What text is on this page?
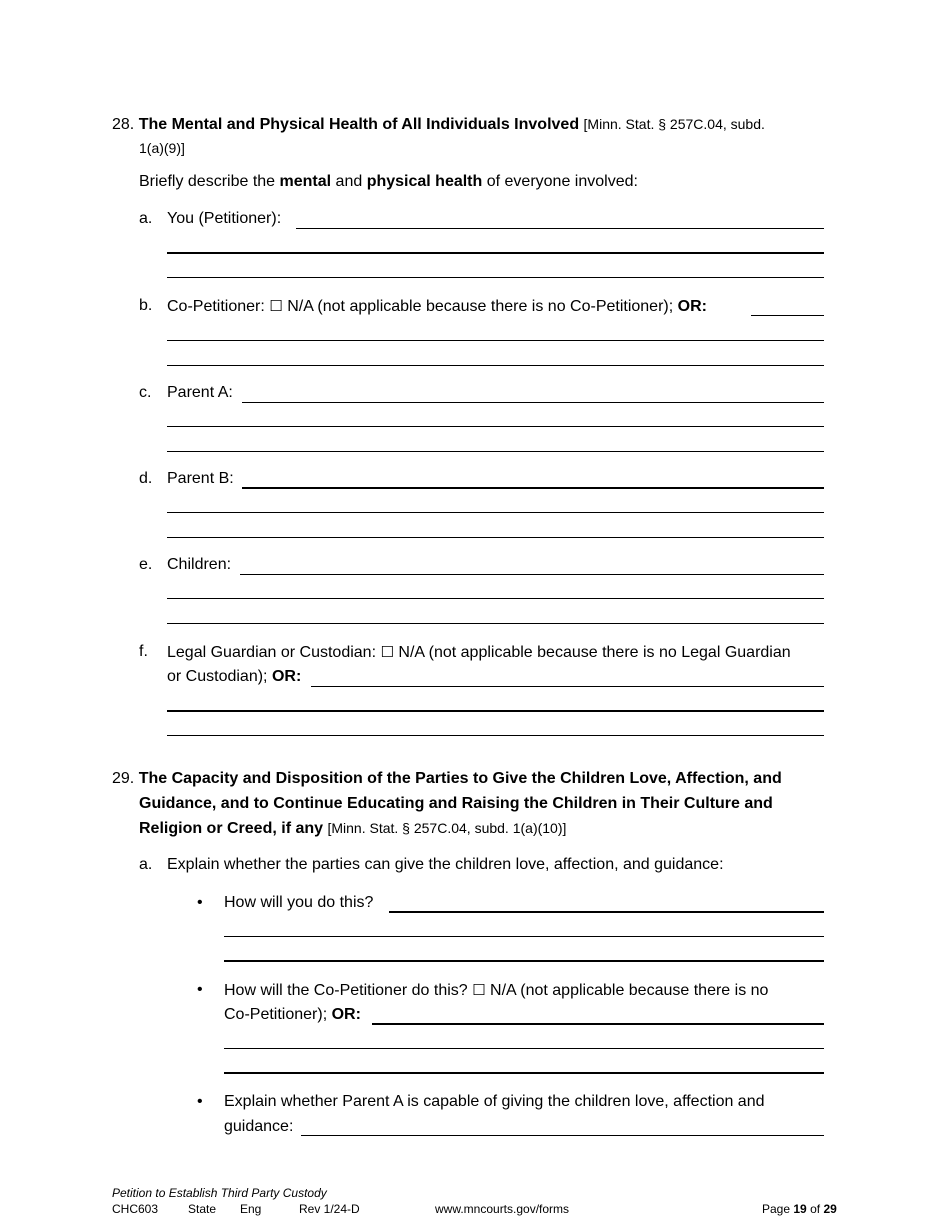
28. The Mental and Physical Health of All Individuals Involved [Minn. Stat. § 257C.04, subd.
1(a)(9)]
Briefly describe the mental and physical health of everyone involved:
a. You (Petitioner):
b. Co-Petitioner: ☐ N/A (not applicable because there is no Co-Petitioner); OR:
c. Parent A:
d. Parent B:
e. Children:
f. Legal Guardian or Custodian: ☐ N/A (not applicable because there is no Legal Guardian
or Custodian); OR:
29. The Capacity and Disposition of the Parties to Give the Children Love, Affection, and
Guidance, and to Continue Educating and Raising the Children in Their Culture and
Religion or Creed, if any [Minn. Stat. § 257C.04, subd. 1(a)(10)]
a. Explain whether the parties can give the children love, affection, and guidance:
• How will you do this?
• How will the Co-Petitioner do this? ☐ N/A (not applicable because there is no
Co-Petitioner); OR:
• Explain whether Parent A is capable of giving the children love, affection and
guidance:
Petition to Establish Third Party Custody
CHC603 State Eng	Rev 1/24-D	www.mncourts.gov/forms	Page 19 of 29
